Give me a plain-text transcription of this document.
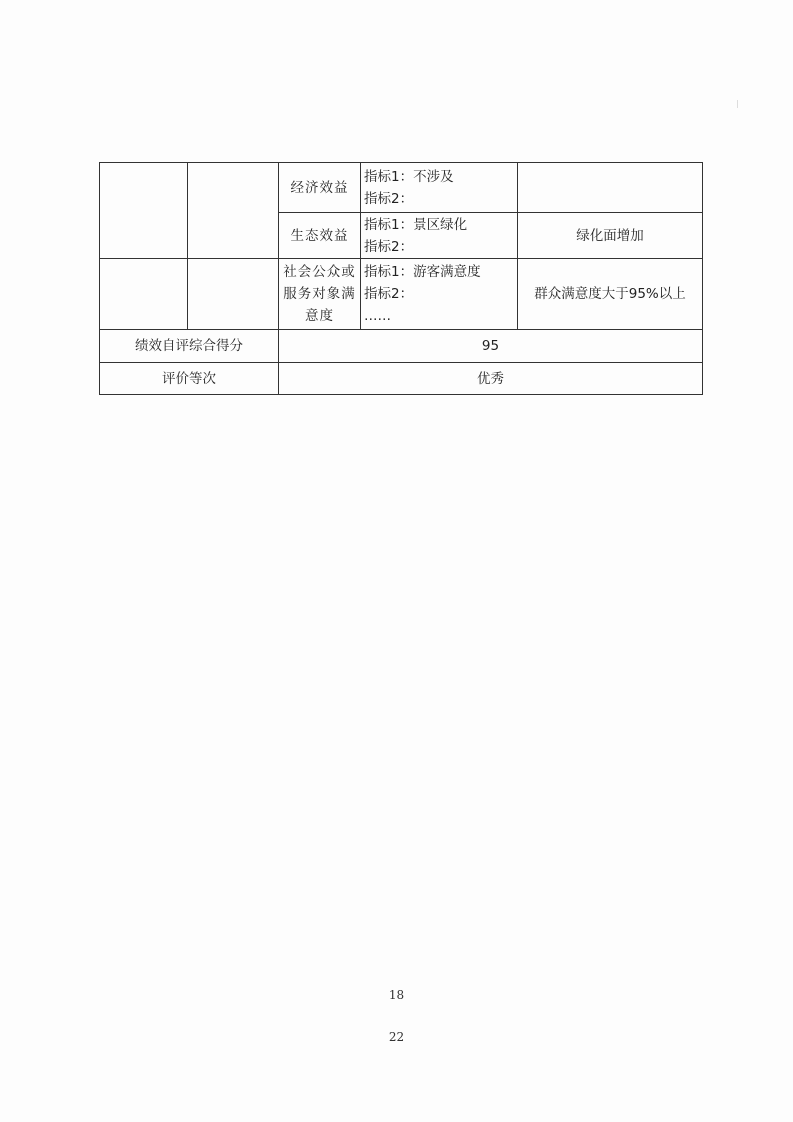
		经济效益	指标1：不涉及
指标2：	

		生态效益	指标1：景区绿化
指标2：	绿化面增加

		社会公众或
服务对象满
意度	指标1：游客满意度
指标2：
……	群众满意度大于95%以上
绩效自评综合得分		95		
评价等次		优秀		
18
22
